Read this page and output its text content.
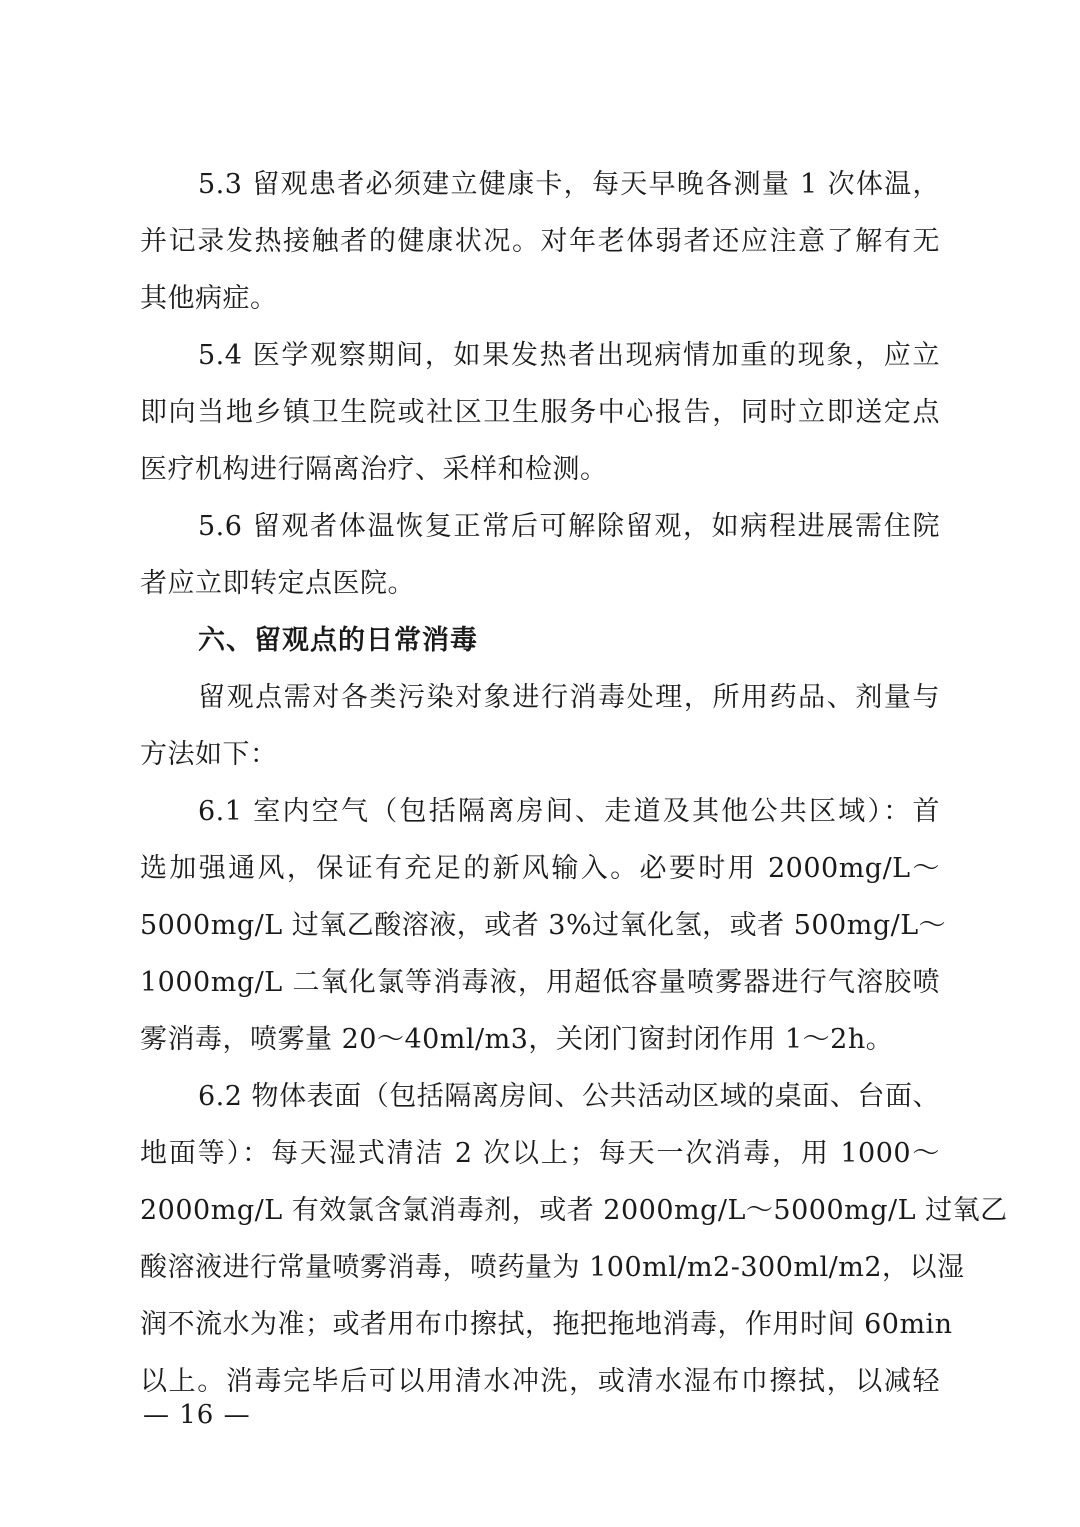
5.3 留观患者必须建立健康卡，每天早晚各测量 1 次体温，
并记录发热接触者的健康状况。对年老体弱者还应注意了解有无
其他病症。

5.4 医学观察期间，如果发热者出现病情加重的现象，应立
即向当地乡镇卫生院或社区卫生服务中心报告，同时立即送定点
医疗机构进行隔离治疗、采样和检测。

5.6 留观者体温恢复正常后可解除留观，如病程进展需住院
者应立即转定点医院。

六、留观点的日常消毒

留观点需对各类污染对象进行消毒处理，所用药品、剂量与
方法如下：

6.1 室内空气（包括隔离房间、走道及其他公共区域）：首
选加强通风，保证有充足的新风输入。必要时用 2000mg/L～
5000mg/L 过氧乙酸溶液，或者 3%过氧化氢，或者 500mg/L～
1000mg/L 二氧化氯等消毒液，用超低容量喷雾器进行气溶胶喷
雾消毒，喷雾量 20～40ml/m3，关闭门窗封闭作用 1～2h。

6.2 物体表面（包括隔离房间、公共活动区域的桌面、台面、
地面等）：每天湿式清洁 2 次以上；每天一次消毒，用 1000～
2000mg/L 有效氯含氯消毒剂，或者 2000mg/L～5000mg/L 过氧乙
酸溶液进行常量喷雾消毒，喷药量为 100ml/m2-300ml/m2，以湿
润不流水为准；或者用布巾擦拭，拖把拖地消毒，作用时间 60min
以上。消毒完毕后可以用清水冲洗，或清水湿布巾擦拭，以减轻

— 16 —
